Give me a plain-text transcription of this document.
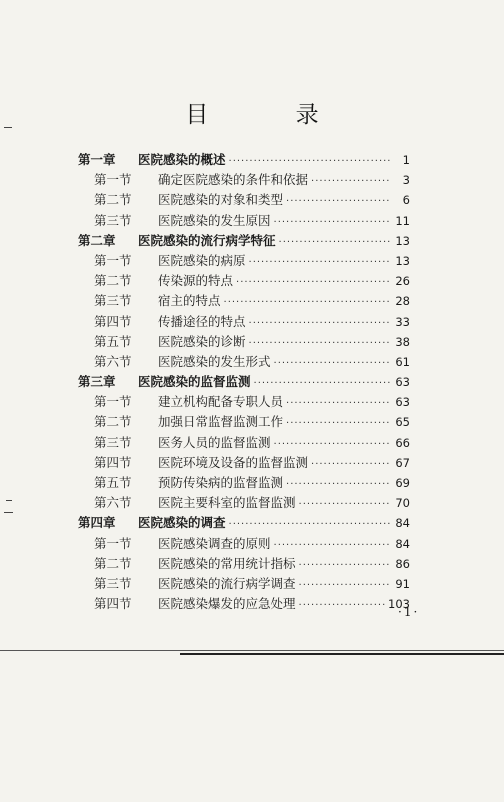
目 录
第一章	医院感染的概述 ·····	1
第一节	确定医院感染的条件和依据 ·····	3
第二节	医院感染的对象和类型 ·····	6
第三节	医院感染的发生原因 ·····	11
第二章	医院感染的流行病学特征 ·····	13
第一节	医院感染的病原 ·····	13
第二节	传染源的特点 ·····	26
第三节	宿主的特点 ·····	28
第四节	传播途径的特点 ·····	33
第五节	医院感染的诊断 ·····	38
第六节	医院感染的发生形式 ·····	61
第三章	医院感染的监督监测 ·····	63
第一节	建立机构配备专职人员 ·····	63
第二节	加强日常监督监测工作 ·····	65
第三节	医务人员的监督监测 ·····	66
第四节	医院环境及设备的监督监测 ·····	67
第五节	预防传染病的监督监测 ·····	69
第六节	医院主要科室的监督监测 ·····	70
第四章	医院感染的调查 ·····	84
第一节	医院感染调查的原则 ·····	84
第二节	医院感染的常用统计指标 ·····	86
第三节	医院感染的流行病学调查 ·····	91
第四节	医院感染爆发的应急处理 ·····	103
·1·
